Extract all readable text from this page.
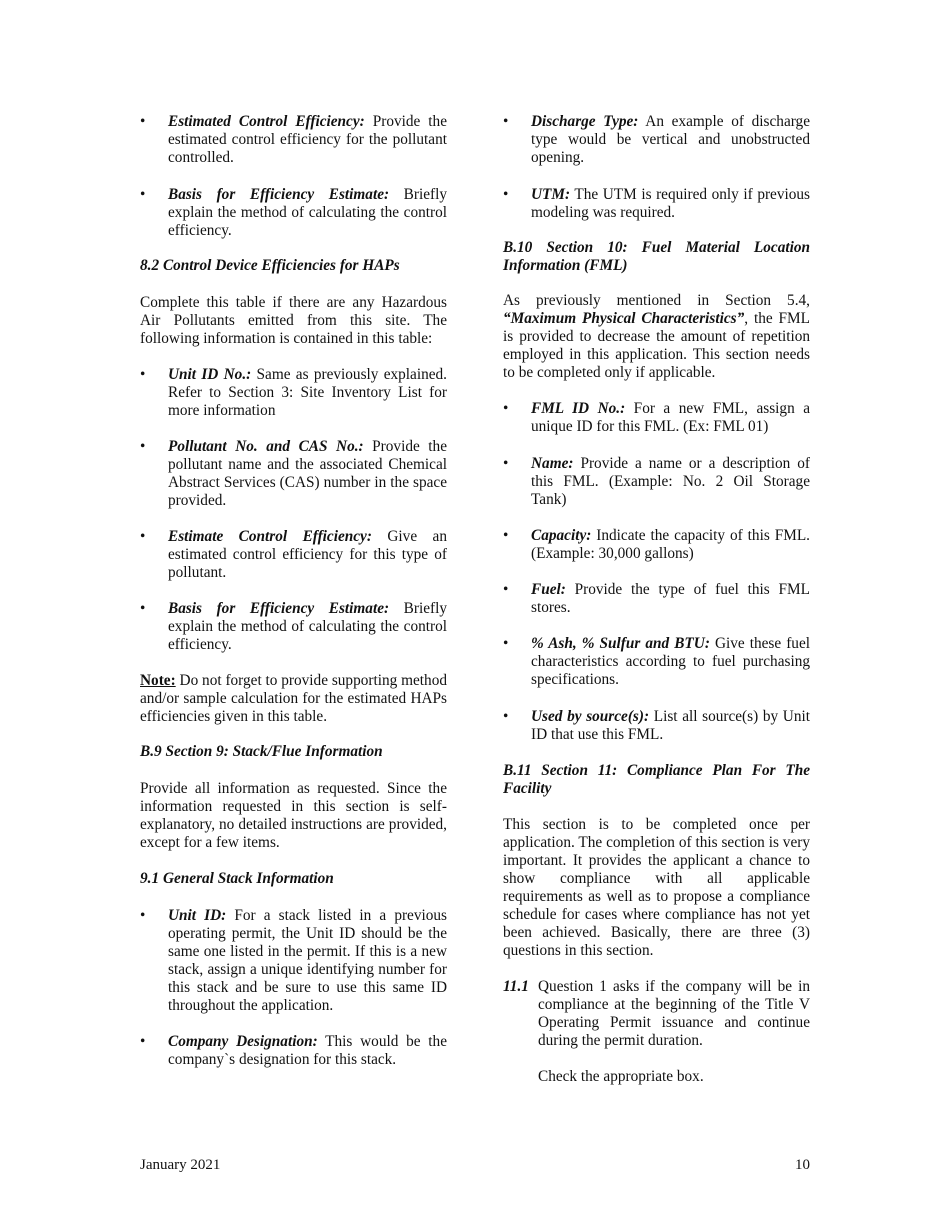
• Estimated Control Efficiency: Provide the estimated control efficiency for the pollutant controlled.
• Basis for Efficiency Estimate: Briefly explain the method of calculating the control efficiency.

8.2 Control Device Efficiencies for HAPs

Complete this table if there are any Hazardous Air Pollutants emitted from this site. The following information is contained in this table:

• Unit ID No.: Same as previously explained. Refer to Section 3: Site Inventory List for more information
• Pollutant No. and CAS No.: Provide the pollutant name and the associated Chemical Abstract Services (CAS) number in the space provided.
• Estimate Control Efficiency: Give an estimated control efficiency for this type of pollutant.
• Basis for Efficiency Estimate: Briefly explain the method of calculating the control efficiency.

Note: Do not forget to provide supporting method and/or sample calculation for the estimated HAPs efficiencies given in this table.

B.9 Section 9: Stack/Flue Information

Provide all information as requested. Since the information requested in this section is self-explanatory, no detailed instructions are provided, except for a few items.

9.1 General Stack Information

• Unit ID: For a stack listed in a previous operating permit, the Unit ID should be the same one listed in the permit. If this is a new stack, assign a unique identifying number for this stack and be sure to use this same ID throughout the application.
• Company Designation: This would be the company`s designation for this stack.
• Discharge Type: An example of discharge type would be vertical and unobstructed opening.
• UTM: The UTM is required only if previous modeling was required.

B.10 Section 10: Fuel Material Location Information (FML)

As previously mentioned in Section 5.4, “Maximum Physical Characteristics”, the FML is provided to decrease the amount of repetition employed in this application. This section needs to be completed only if applicable.

• FML ID No.: For a new FML, assign a unique ID for this FML. (Ex: FML 01)
• Name: Provide a name or a description of this FML. (Example: No. 2 Oil Storage Tank)
• Capacity: Indicate the capacity of this FML. (Example: 30,000 gallons)
• Fuel: Provide the type of fuel this FML stores.
• % Ash, % Sulfur and BTU: Give these fuel characteristics according to fuel purchasing specifications.
• Used by source(s): List all source(s) by Unit ID that use this FML.

B.11 Section 11: Compliance Plan For The Facility

This section is to be completed once per application. The completion of this section is very important. It provides the applicant a chance to show compliance with all applicable requirements as well as to propose a compliance schedule for cases where compliance has not yet been achieved. Basically, there are three (3) questions in this section.

11.1 Question 1 asks if the company will be in compliance at the beginning of the Title V Operating Permit issuance and continue during the permit duration.

Check the appropriate box.

January 2021	10
